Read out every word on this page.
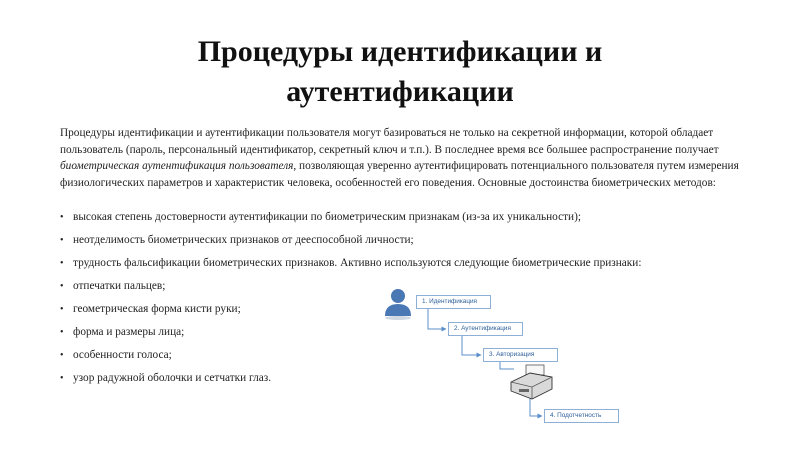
Процедуры идентификации и
аутентификации
Процедуры идентификации и аутентификации пользователя могут базироваться не только на секретной информации, которой обладает пользователь (пароль, персональный идентификатор, секретный ключ и т.п.). В последнее время все большее распространение получает биометрическая аутентификация пользователя, позволяющая уверенно аутентифицировать потенциального пользователя путем измерения физиологических параметров и характеристик человека, особенностей его поведения. Основные достоинства биометрических методов:
• высокая степень достоверности аутентификации по биометрическим признакам (из-за их уникальности);
• неотделимость биометрических признаков от дееспособной личности;
• трудность фальсификации биометрических признаков. Активно используются следующие биометрические признаки:
• отпечатки пальцев;
• геометрическая форма кисти руки;
• форма и размеры лица;
• особенности голоса;
• узор радужной оболочки и сетчатки глаз.
1. Идентификация
2. Аутентификация
3. Авторизация
4. Подотчетность
